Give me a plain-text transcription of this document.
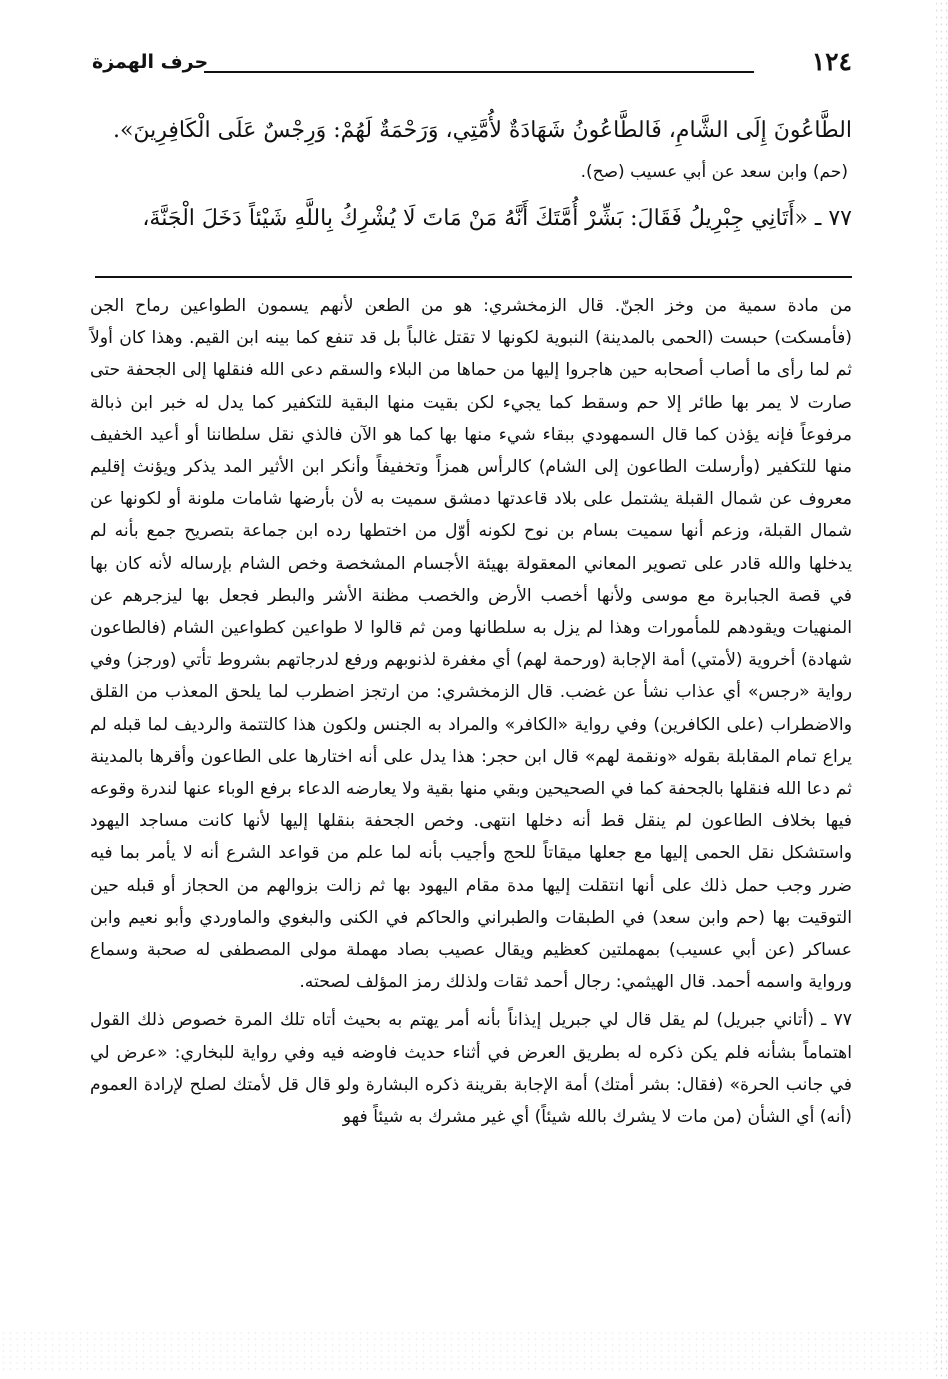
١٢٤
حرف الهمزة

الطَّاعُونَ إِلَى الشَّامِ، فَالطَّاعُونُ شَهَادَةٌ لأُمَّتِي، وَرَحْمَةٌ لَهُمْ: وَرِجْسٌ عَلَى الْكَافِرِينَ».

(حم) وابن سعد عن أبي عسيب (صح).

٧٧ ـ «أَتَانِي جِبْرِيلُ فَقَالَ: بَشِّرْ أُمَّتَكَ أَنَّهُ مَنْ مَاتَ لَا يُشْرِكُ بِاللَّهِ شَيْئاً دَخَلَ الْجَنَّةَ،

من مادة سمية من وخز الجنّ. قال الزمخشري: هو من الطعن لأنهم يسمون الطواعين رماح الجن (فأمسكت) حبست (الحمى بالمدينة) النبوية لكونها لا تقتل غالباً بل قد تنفع كما بينه ابن القيم. وهذا كان أولاً ثم لما رأى ما أصاب أصحابه حين هاجروا إليها من حماها من البلاء والسقم دعى الله فنقلها إلى الجحفة حتى صارت لا يمر بها طائر إلا حم وسقط كما يجيء لكن بقيت منها البقية للتكفير كما يدل له خبر ابن ذبالة مرفوعاً فإنه يؤذن كما قال السمهودي ببقاء شيء منها بها كما هو الآن فالذي نقل سلطاننا أو أعيد الخفيف منها للتكفير (وأرسلت الطاعون إلى الشام) كالرأس همزاً وتخفيفاً وأنكر ابن الأثير المد يذكر ويؤنث إقليم معروف عن شمال القبلة يشتمل على بلاد قاعدتها دمشق سميت به لأن بأرضها شامات ملونة أو لكونها عن شمال القبلة، وزعم أنها سميت بسام بن نوح لكونه أوّل من اختطها رده ابن جماعة بتصريح جمع بأنه لم يدخلها والله قادر على تصوير المعاني المعقولة بهيئة الأجسام المشخصة وخص الشام بإرساله لأنه كان بها في قصة الجبابرة مع موسى ولأنها أخصب الأرض والخصب مظنة الأشر والبطر فجعل بها ليزجرهم عن المنهيات ويقودهم للمأمورات وهذا لم يزل به سلطانها ومن ثم قالوا لا طواعين كطواعين الشام (فالطاعون شهادة) أخروية (لأمتي) أمة الإجابة (ورحمة لهم) أي مغفرة لذنوبهم ورفع لدرجاتهم بشروط تأتي (ورجز) وفي رواية «رجس» أي عذاب نشأ عن غضب. قال الزمخشري: من ارتجز اضطرب لما يلحق المعذب من القلق والاضطراب (على الكافرين) وفي رواية «الكافر» والمراد به الجنس ولكون هذا كالتتمة والرديف لما قبله لم يراع تمام المقابلة بقوله «ونقمة لهم» قال ابن حجر: هذا يدل على أنه اختارها على الطاعون وأقرها بالمدينة ثم دعا الله فنقلها بالجحفة كما في الصحيحين وبقي منها بقية ولا يعارضه الدعاء برفع الوباء عنها لندرة وقوعه فيها بخلاف الطاعون لم ينقل قط أنه دخلها انتهى. وخص الجحفة بنقلها إليها لأنها كانت مساجد اليهود واستشكل نقل الحمى إليها مع جعلها ميقاتاً للحج وأجيب بأنه لما علم من قواعد الشرع أنه لا يأمر بما فيه ضرر وجب حمل ذلك على أنها انتقلت إليها مدة مقام اليهود بها ثم زالت بزوالهم من الحجاز أو قبله حين التوقيت بها (حم وابن سعد) في الطبقات والطبراني والحاكم في الكنى والبغوي والماوردي وأبو نعيم وابن عساكر (عن أبي عسيب) بمهملتين كعظيم ويقال عصيب بصاد مهملة مولى المصطفى له صحبة وسماع ورواية واسمه أحمد. قال الهيثمي: رجال أحمد ثقات ولذلك رمز المؤلف لصحته.

٧٧ ـ (أتاني جبريل) لم يقل قال لي جبريل إيذاناً بأنه أمر يهتم به بحيث أتاه تلك المرة خصوص ذلك القول اهتماماً بشأنه فلم يكن ذكره له بطريق العرض في أثناء حديث فاوضه فيه وفي رواية للبخاري: «عرض لي في جانب الحرة» (فقال: بشر أمتك) أمة الإجابة بقرينة ذكره البشارة ولو قال قل لأمتك لصلح لإرادة العموم (أنه) أي الشأن (من مات لا يشرك بالله شيئاً) أي غير مشرك به شيئاً فهو
